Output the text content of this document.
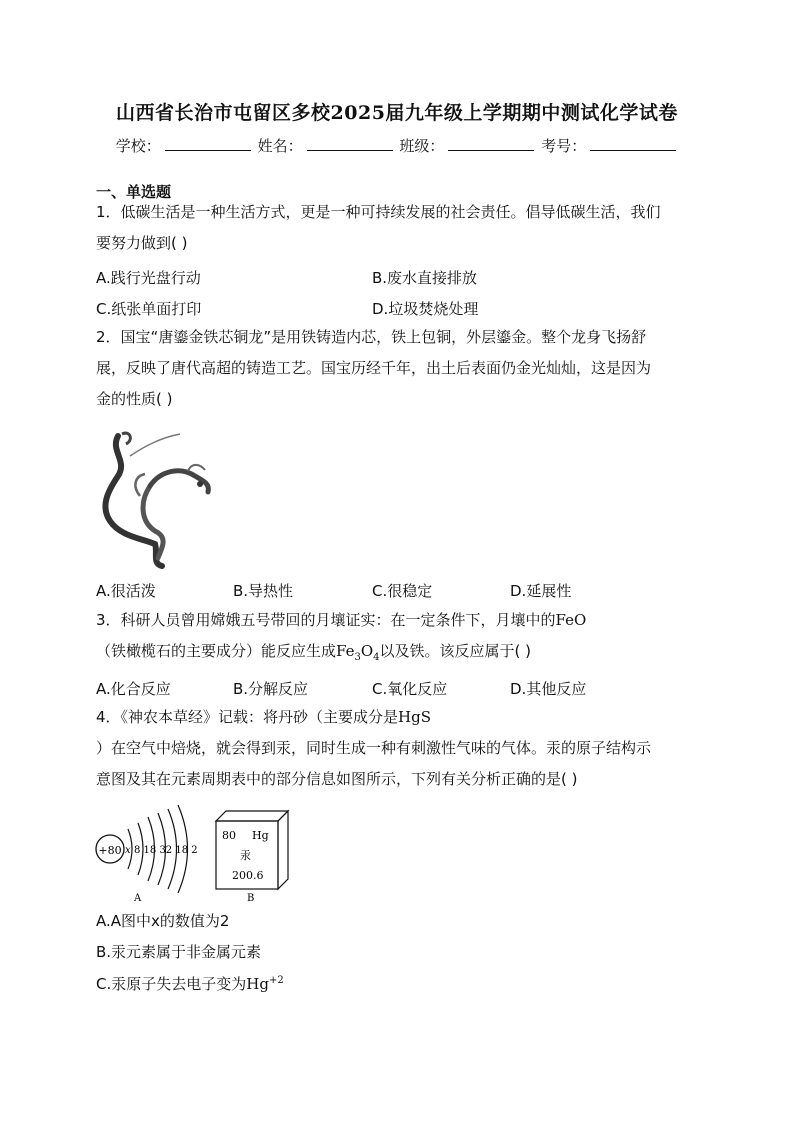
山西省长治市屯留区多校2025届九年级上学期期中测试化学试卷
学校：	姓名：	班级：	考号：
一、单选题
1．低碳生活是一种生活方式，更是一种可持续发展的社会责任。倡导低碳生活，我们
要努力做到( )
A.践行光盘行动	B.废水直接排放
C.纸张单面打印	D.垃圾焚烧处理
2．国宝“唐鎏金铁芯铜龙”是用铁铸造内芯，铁上包铜，外层鎏金。整个龙身飞扬舒
展，反映了唐代高超的铸造工艺。国宝历经千年，出土后表面仍金光灿灿，这是因为
金的性质( )
A.很活泼	B.导热性	C.很稳定	D.延展性
3．科研人员曾用嫦娥五号带回的月壤证实：在一定条件下，月壤中的FeO
（铁橄榄石的主要成分）能反应生成$Fe_3O_4$以及铁。该反应属于( )
A.化合反应	B.分解反应	C.氧化反应	D.其他反应
4．《神农本草经》记载：将丹砂（主要成分是HgS
）在空气中焙烧，就会得到汞，同时生成一种有刺激性气味的气体。汞的原子结构示
意图及其在元素周期表中的部分信息如图所示，下列有关分析正确的是( )
+80 x 8 18 32 18 2
A
80 Hg
汞
200.6
B
A.A图中x的数值为2
B.汞元素属于非金属元素
C.汞原子失去电子变为$Hg^{+2}$
